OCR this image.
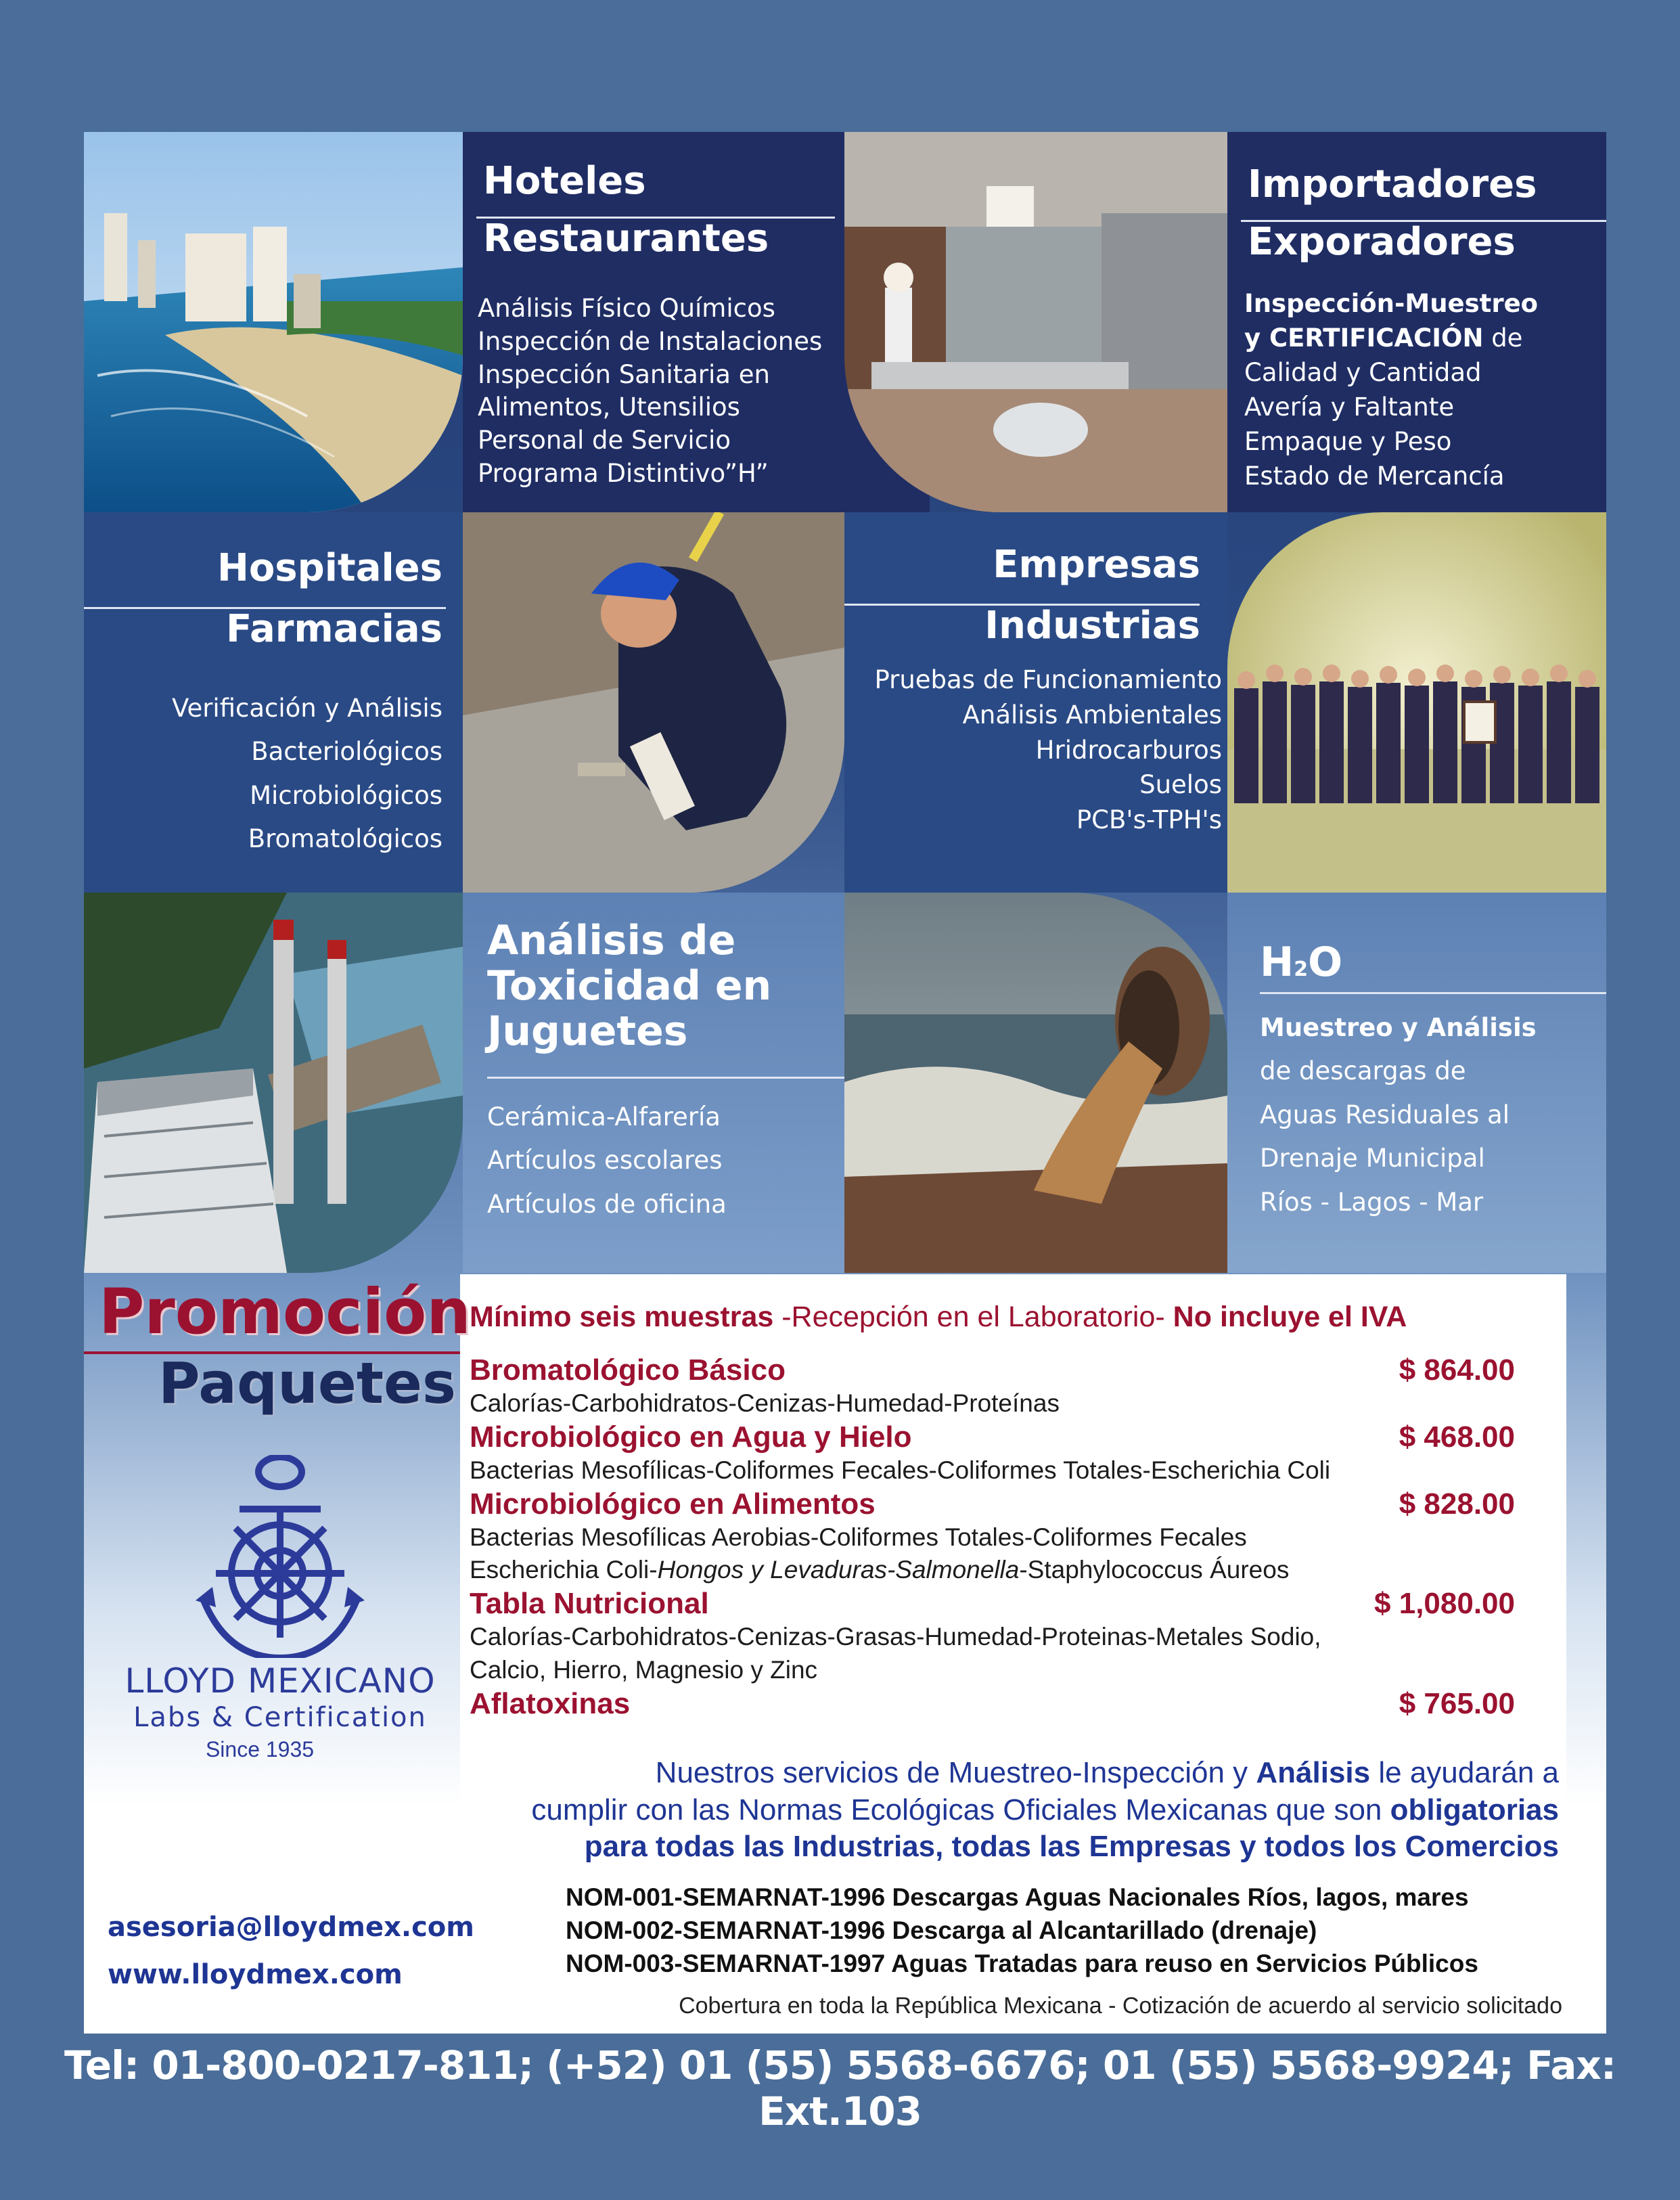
Hoteles
Restaurantes
Análisis Físico Químicos
Inspección de Instalaciones
Inspección Sanitaria en
Alimentos, Utensilios
Personal de Servicio
Programa Distintivo”H”
Importadores
Exporadores
Inspección-Muestreo
y CERTIFICACIÓN de
Calidad y Cantidad
Avería y Faltante
Empaque y Peso
Estado de Mercancía
Hospitales
Farmacias
Verificación y Análisis
Bacteriológicos
Microbiológicos
Bromatológicos
Empresas
Industrias
Pruebas de Funcionamiento
Análisis Ambientales
Hridrocarburos
Suelos
PCB's-TPH's
Análisis de
Toxicidad en
Juguetes
Cerámica-Alfarería
Artículos escolares
Artículos de oficina
H2O
Muestreo y Análisis
de descargas de
Aguas Residuales al
Drenaje Municipal
Ríos - Lagos - Mar
Promoción
Paquetes
Mínimo seis muestras -Recepción en el Laboratorio- No incluye el IVA
Bromatológico Básico	$ 864.00
Calorías-Carbohidratos-Cenizas-Humedad-Proteínas
Microbiológico en Agua y Hielo	$ 468.00
Bacterias Mesofílicas-Coliformes Fecales-Coliformes Totales-Escherichia Coli
Microbiológico en Alimentos	$ 828.00
Bacterias Mesofílicas Aerobias-Coliformes Totales-Coliformes Fecales
Escherichia Coli-Hongos y Levaduras-Salmonella-Staphylococcus Áureos
Tabla Nutricional	$ 1,080.00
Calorías-Carbohidratos-Cenizas-Grasas-Humedad-Proteinas-Metales Sodio,
Calcio, Hierro, Magnesio y Zinc
Aflatoxinas	$ 765.00
LLOYD MEXICANO
Labs & Certification
Since 1935
Nuestros servicios de Muestreo-Inspección y Análisis le ayudarán a
cumplir con las Normas Ecológicas Oficiales Mexicanas que son obligatorias
para todas las Industrias, todas las Empresas y todos los Comercios
asesoria@lloydmex.com
www.lloydmex.com
NOM-001-SEMARNAT-1996 Descargas Aguas Nacionales Ríos, lagos, mares
NOM-002-SEMARNAT-1996 Descarga al Alcantarillado (drenaje)
NOM-003-SEMARNAT-1997 Aguas Tratadas para reuso en Servicios Públicos
Cobertura en toda la República Mexicana - Cotización de acuerdo al servicio solicitado
Tel: 01-800-0217-811; (+52) 01 (55) 5568-6676; 01 (55) 5568-9924; Fax: Ext.103
